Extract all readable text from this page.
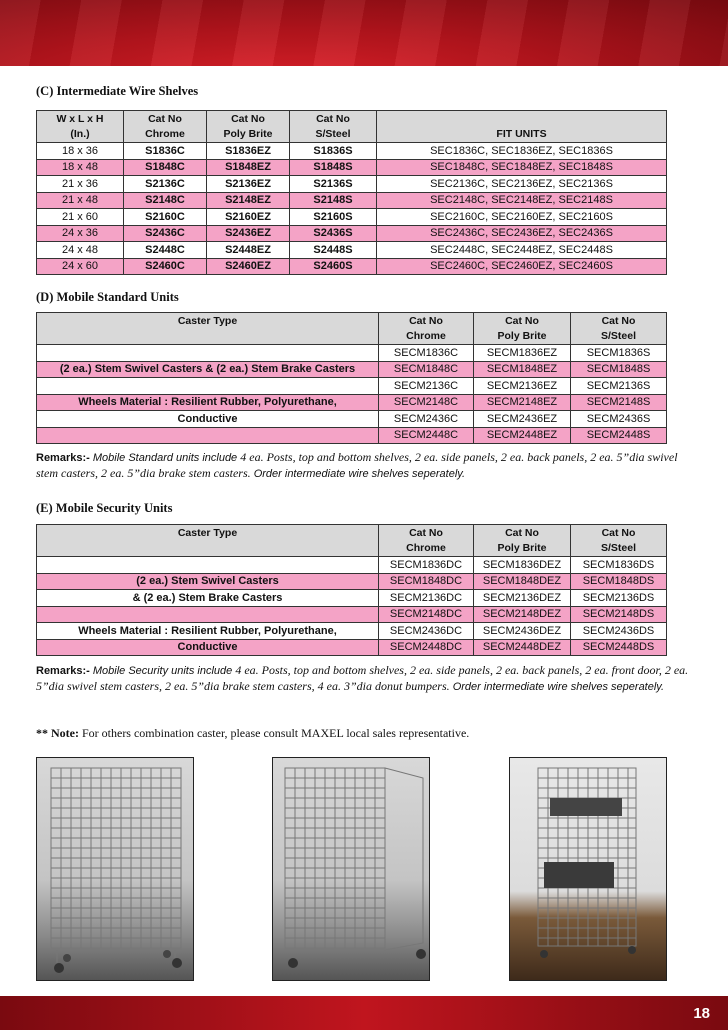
(C) Intermediate Wire Shelves
W x L x H	Cat No	Cat No	Cat No	
(In.)	Chrome	Poly Brite	S/Steel	FIT UNITS
18 x 36	S1836C	S1836EZ	S1836S	SEC1836C, SEC1836EZ, SEC1836S
18 x 48	S1848C	S1848EZ	S1848S	SEC1848C, SEC1848EZ, SEC1848S
21 x 36	S2136C	S2136EZ	S2136S	SEC2136C, SEC2136EZ, SEC2136S
21 x 48	S2148C	S2148EZ	S2148S	SEC2148C, SEC2148EZ, SEC2148S
21 x 60	S2160C	S2160EZ	S2160S	SEC2160C, SEC2160EZ, SEC2160S
24 x 36	S2436C	S2436EZ	S2436S	SEC2436C, SEC2436EZ, SEC2436S
24 x 48	S2448C	S2448EZ	S2448S	SEC2448C, SEC2448EZ, SEC2448S
24 x 60	S2460C	S2460EZ	S2460S	SEC2460C, SEC2460EZ, SEC2460S
(D) Mobile Standard Units
Caster Type	Cat No	Cat No	Cat No
	Chrome	Poly Brite	S/Steel
	SECM1836C	SECM1836EZ	SECM1836S
(2 ea.) Stem Swivel Casters & (2 ea.) Stem Brake Casters	SECM1848C	SECM1848EZ	SECM1848S
	SECM2136C	SECM2136EZ	SECM2136S
Wheels Material : Resilient Rubber, Polyurethane,	SECM2148C	SECM2148EZ	SECM2148S
Conductive	SECM2436C	SECM2436EZ	SECM2436S
	SECM2448C	SECM2448EZ	SECM2448S
Remarks:- Mobile Standard units include 4 ea. Posts, top and bottom shelves, 2 ea. side panels, 2 ea. back panels, 2 ea. 5”dia swivel stem casters, 2 ea. 5”dia brake stem casters. Order intermediate wire shelves seperately.
(E) Mobile Security Units
Caster Type	Cat No	Cat No	Cat No
	Chrome	Poly Brite	S/Steel
	SECM1836DC	SECM1836DEZ	SECM1836DS
(2 ea.) Stem Swivel Casters	SECM1848DC	SECM1848DEZ	SECM1848DS
& (2 ea.) Stem Brake Casters	SECM2136DC	SECM2136DEZ	SECM2136DS
	SECM2148DC	SECM2148DEZ	SECM2148DS
Wheels Material : Resilient Rubber, Polyurethane,	SECM2436DC	SECM2436DEZ	SECM2436DS
Conductive	SECM2448DC	SECM2448DEZ	SECM2448DS
Remarks:- Mobile Security units include 4 ea. Posts, top and bottom shelves, 2 ea. side panels, 2 ea. back panels, 2 ea. front door, 2 ea. 5”dia swivel stem casters, 2 ea. 5”dia brake stem casters, 4 ea. 3”dia donut bumpers. Order intermediate wire shelves seperately.
** Note: For others combination caster, please consult MAXEL local sales representative.
18
